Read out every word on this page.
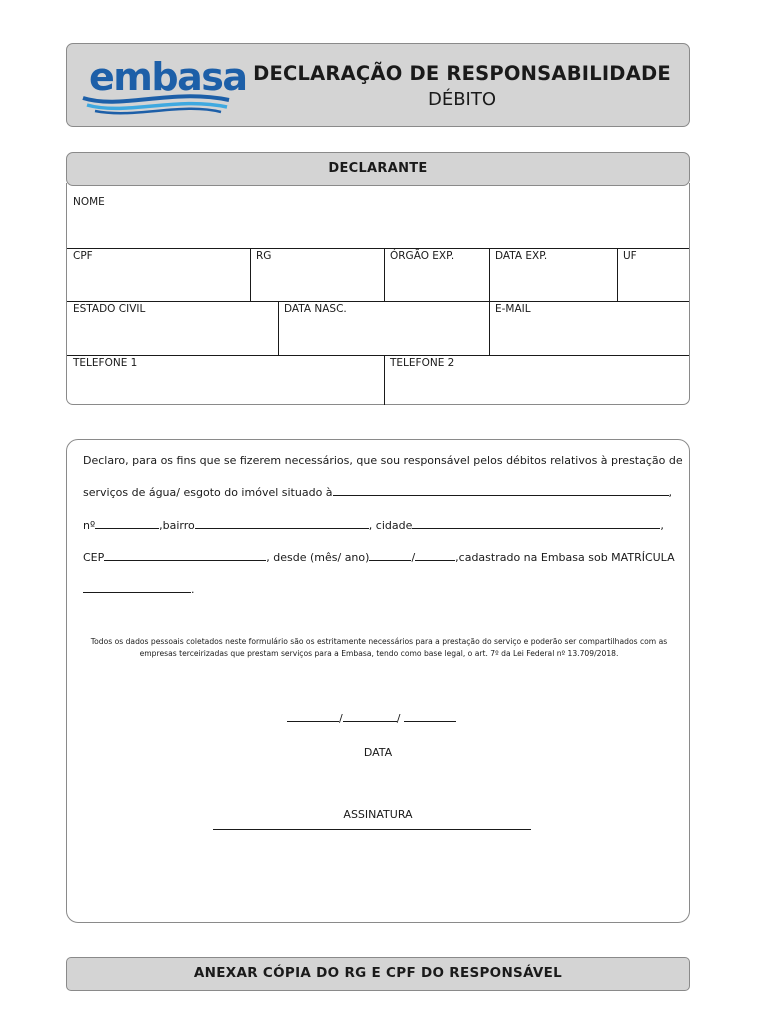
embasa DECLARAÇÃO DE RESPONSABILIDADE
DÉBITO
DECLARANTE
NOME
CPF	RG	ÓRGÃO EXP.	DATA EXP.	UF
ESTADO CIVIL	DATA NASC.	E-MAIL
TELEFONE 1	TELEFONE 2
Declaro, para os fins que se fizerem necessários, que sou responsável pelos débitos relativos à prestação de
serviços de água/ esgoto do imóvel situado à	,
nº	,bairro	, cidade	,
CEP	, desde (mês/ ano)	/	,cadastrado na Embasa sob MATRÍCULA
.
Todos os dados pessoais coletados neste formulário são os estritamente necessários para a prestação do serviço e poderão ser compartilhados com as empresas terceirizadas que prestam serviços para a Embasa, tendo como base legal, o art. 7º da Lei Federal nº 13.709/2018.
/	/
DATA
ASSINATURA
ANEXAR CÓPIA DO RG E CPF DO RESPONSÁVEL
